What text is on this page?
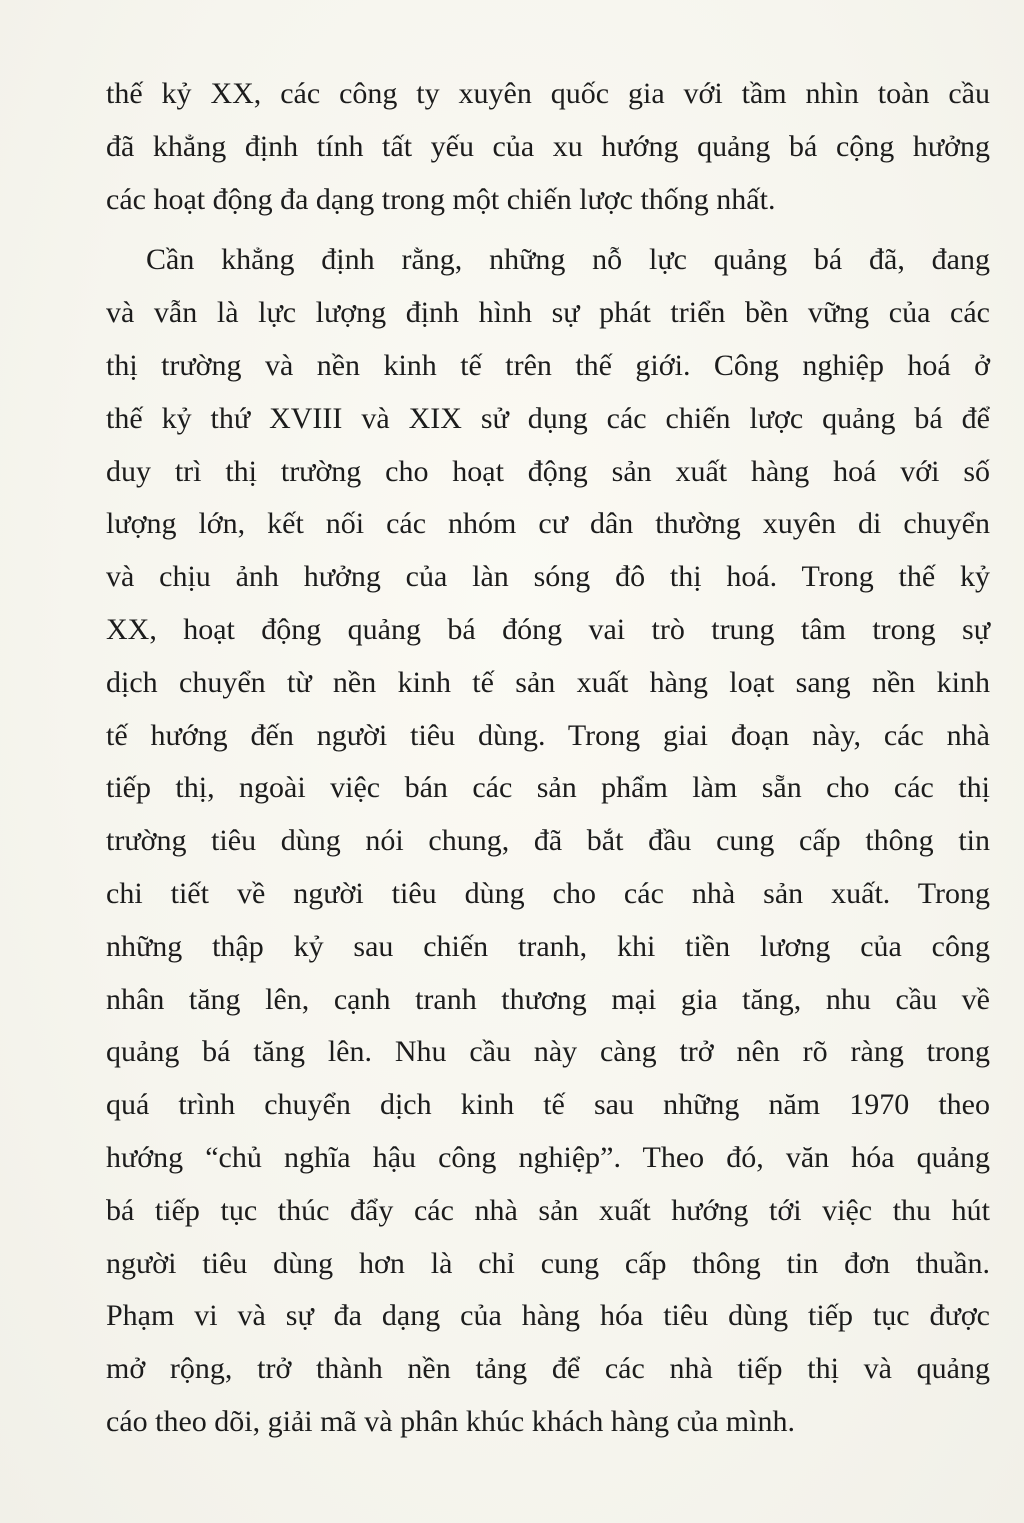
thế kỷ XX, các công ty xuyên quốc gia với tầm nhìn toàn cầu
đã khẳng định tính tất yếu của xu hướng quảng bá cộng hưởng
các hoạt động đa dạng trong một chiến lược thống nhất.
Cần khẳng định rằng, những nỗ lực quảng bá đã, đang
và vẫn là lực lượng định hình sự phát triển bền vững của các
thị trường và nền kinh tế trên thế giới. Công nghiệp hoá ở
thế kỷ thứ XVIII và XIX sử dụng các chiến lược quảng bá để
duy trì thị trường cho hoạt động sản xuất hàng hoá với số
lượng lớn, kết nối các nhóm cư dân thường xuyên di chuyển
và chịu ảnh hưởng của làn sóng đô thị hoá. Trong thế kỷ
XX, hoạt động quảng bá đóng vai trò trung tâm trong sự
dịch chuyển từ nền kinh tế sản xuất hàng loạt sang nền kinh
tế hướng đến người tiêu dùng. Trong giai đoạn này, các nhà
tiếp thị, ngoài việc bán các sản phẩm làm sẵn cho các thị
trường tiêu dùng nói chung, đã bắt đầu cung cấp thông tin
chi tiết về người tiêu dùng cho các nhà sản xuất. Trong
những thập kỷ sau chiến tranh, khi tiền lương của công
nhân tăng lên, cạnh tranh thương mại gia tăng, nhu cầu về
quảng bá tăng lên. Nhu cầu này càng trở nên rõ ràng trong
quá trình chuyển dịch kinh tế sau những năm 1970 theo
hướng “chủ nghĩa hậu công nghiệp”. Theo đó, văn hóa quảng
bá tiếp tục thúc đẩy các nhà sản xuất hướng tới việc thu hút
người tiêu dùng hơn là chỉ cung cấp thông tin đơn thuần.
Phạm vi và sự đa dạng của hàng hóa tiêu dùng tiếp tục được
mở rộng, trở thành nền tảng để các nhà tiếp thị và quảng
cáo theo dõi, giải mã và phân khúc khách hàng của mình.
